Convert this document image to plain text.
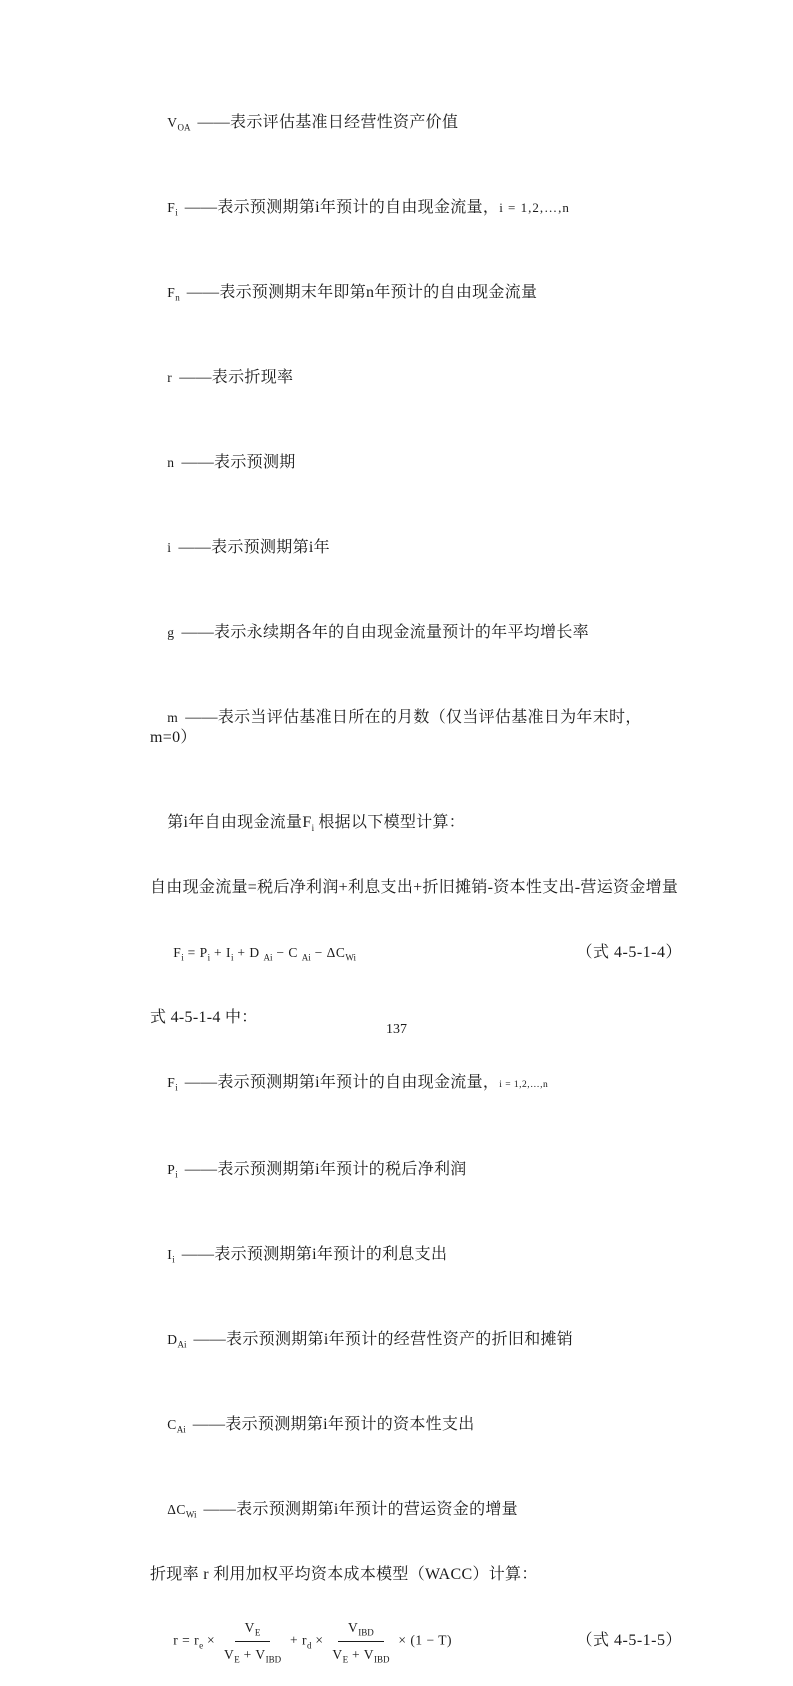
$V_{OA}$ ——表示评估基准日经营性资产价值

$F_i$ ——表示预测期第i年预计的自由现金流量，i = 1,2,…,n

$F_n$ ——表示预测期末年即第n年预计的自由现金流量

r ——表示折现率

n ——表示预测期

i ——表示预测期第i年

g ——表示永续期各年的自由现金流量预计的年平均增长率

m ——表示当评估基准日所在的月数（仅当评估基准日为年末时，m=0）

第i年自由现金流量$F_i$ 根据以下模型计算：

自由现金流量=税后净利润+利息支出+折旧摊销-资本性支出-营运资金增量

$F_i = P_i + I_i + D$ $_{Ai}$ − C $_{Ai} - \Delta C_{Wi}$
	（式 4-5-1-4）
式 4-5-1-4 中：

$F_i$ ——表示预测期第i年预计的自由现金流量，i = 1,2,…,n

$P_i$ ——表示预测期第i年预计的税后净利润

$I_i$ ——表示预测期第i年预计的利息支出

$D_{Ai}$ ——表示预测期第i年预计的经营性资产的折旧和摊销

$C_{Ai}$ ——表示预测期第i年预计的资本性支出

$\Delta C_{Wi}$ ——表示预测期第i年预计的营运资金的增量

折现率 r 利用加权平均资本成本模型（WACC）计算：

$r = r_e \times \frac{V_E}{V_E + V_{IBD}} + r_d \times \frac{V_{IBD}}{V_E + V_{IBD}} \times (1 - T)$
	（式 4-5-1-5）
137
